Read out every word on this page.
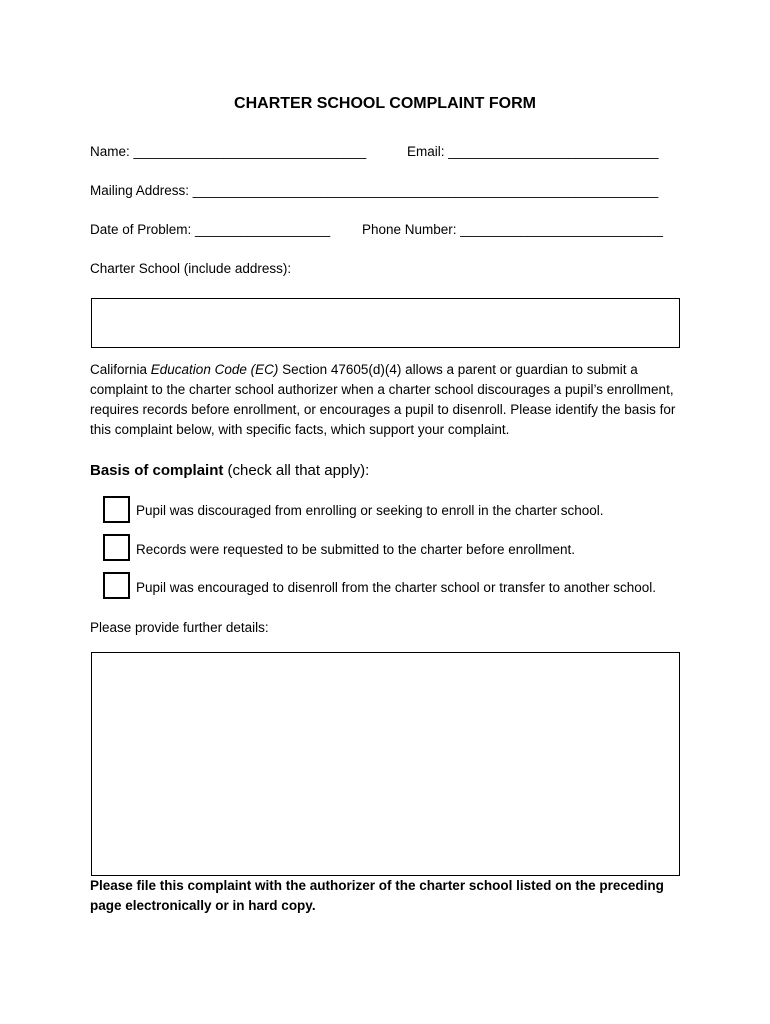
CHARTER SCHOOL COMPLAINT FORM
Name: _______________________________	Email: ____________________________
Mailing Address: ______________________________________________________________
Date of Problem: __________________ Phone Number: ___________________________
Charter School (include address):
California Education Code (EC) Section 47605(d)(4) allows a parent or guardian to submit a complaint to the charter school authorizer when a charter school discourages a pupil’s enrollment, requires records before enrollment, or encourages a pupil to disenroll. Please identify the basis for this complaint below, with specific facts, which support your complaint.
Basis of complaint (check all that apply):
Pupil was discouraged from enrolling or seeking to enroll in the charter school.
Records were requested to be submitted to the charter before enrollment.
Pupil was encouraged to disenroll from the charter school or transfer to another school.
Please provide further details:
Please file this complaint with the authorizer of the charter school listed on the preceding page electronically or in hard copy.
